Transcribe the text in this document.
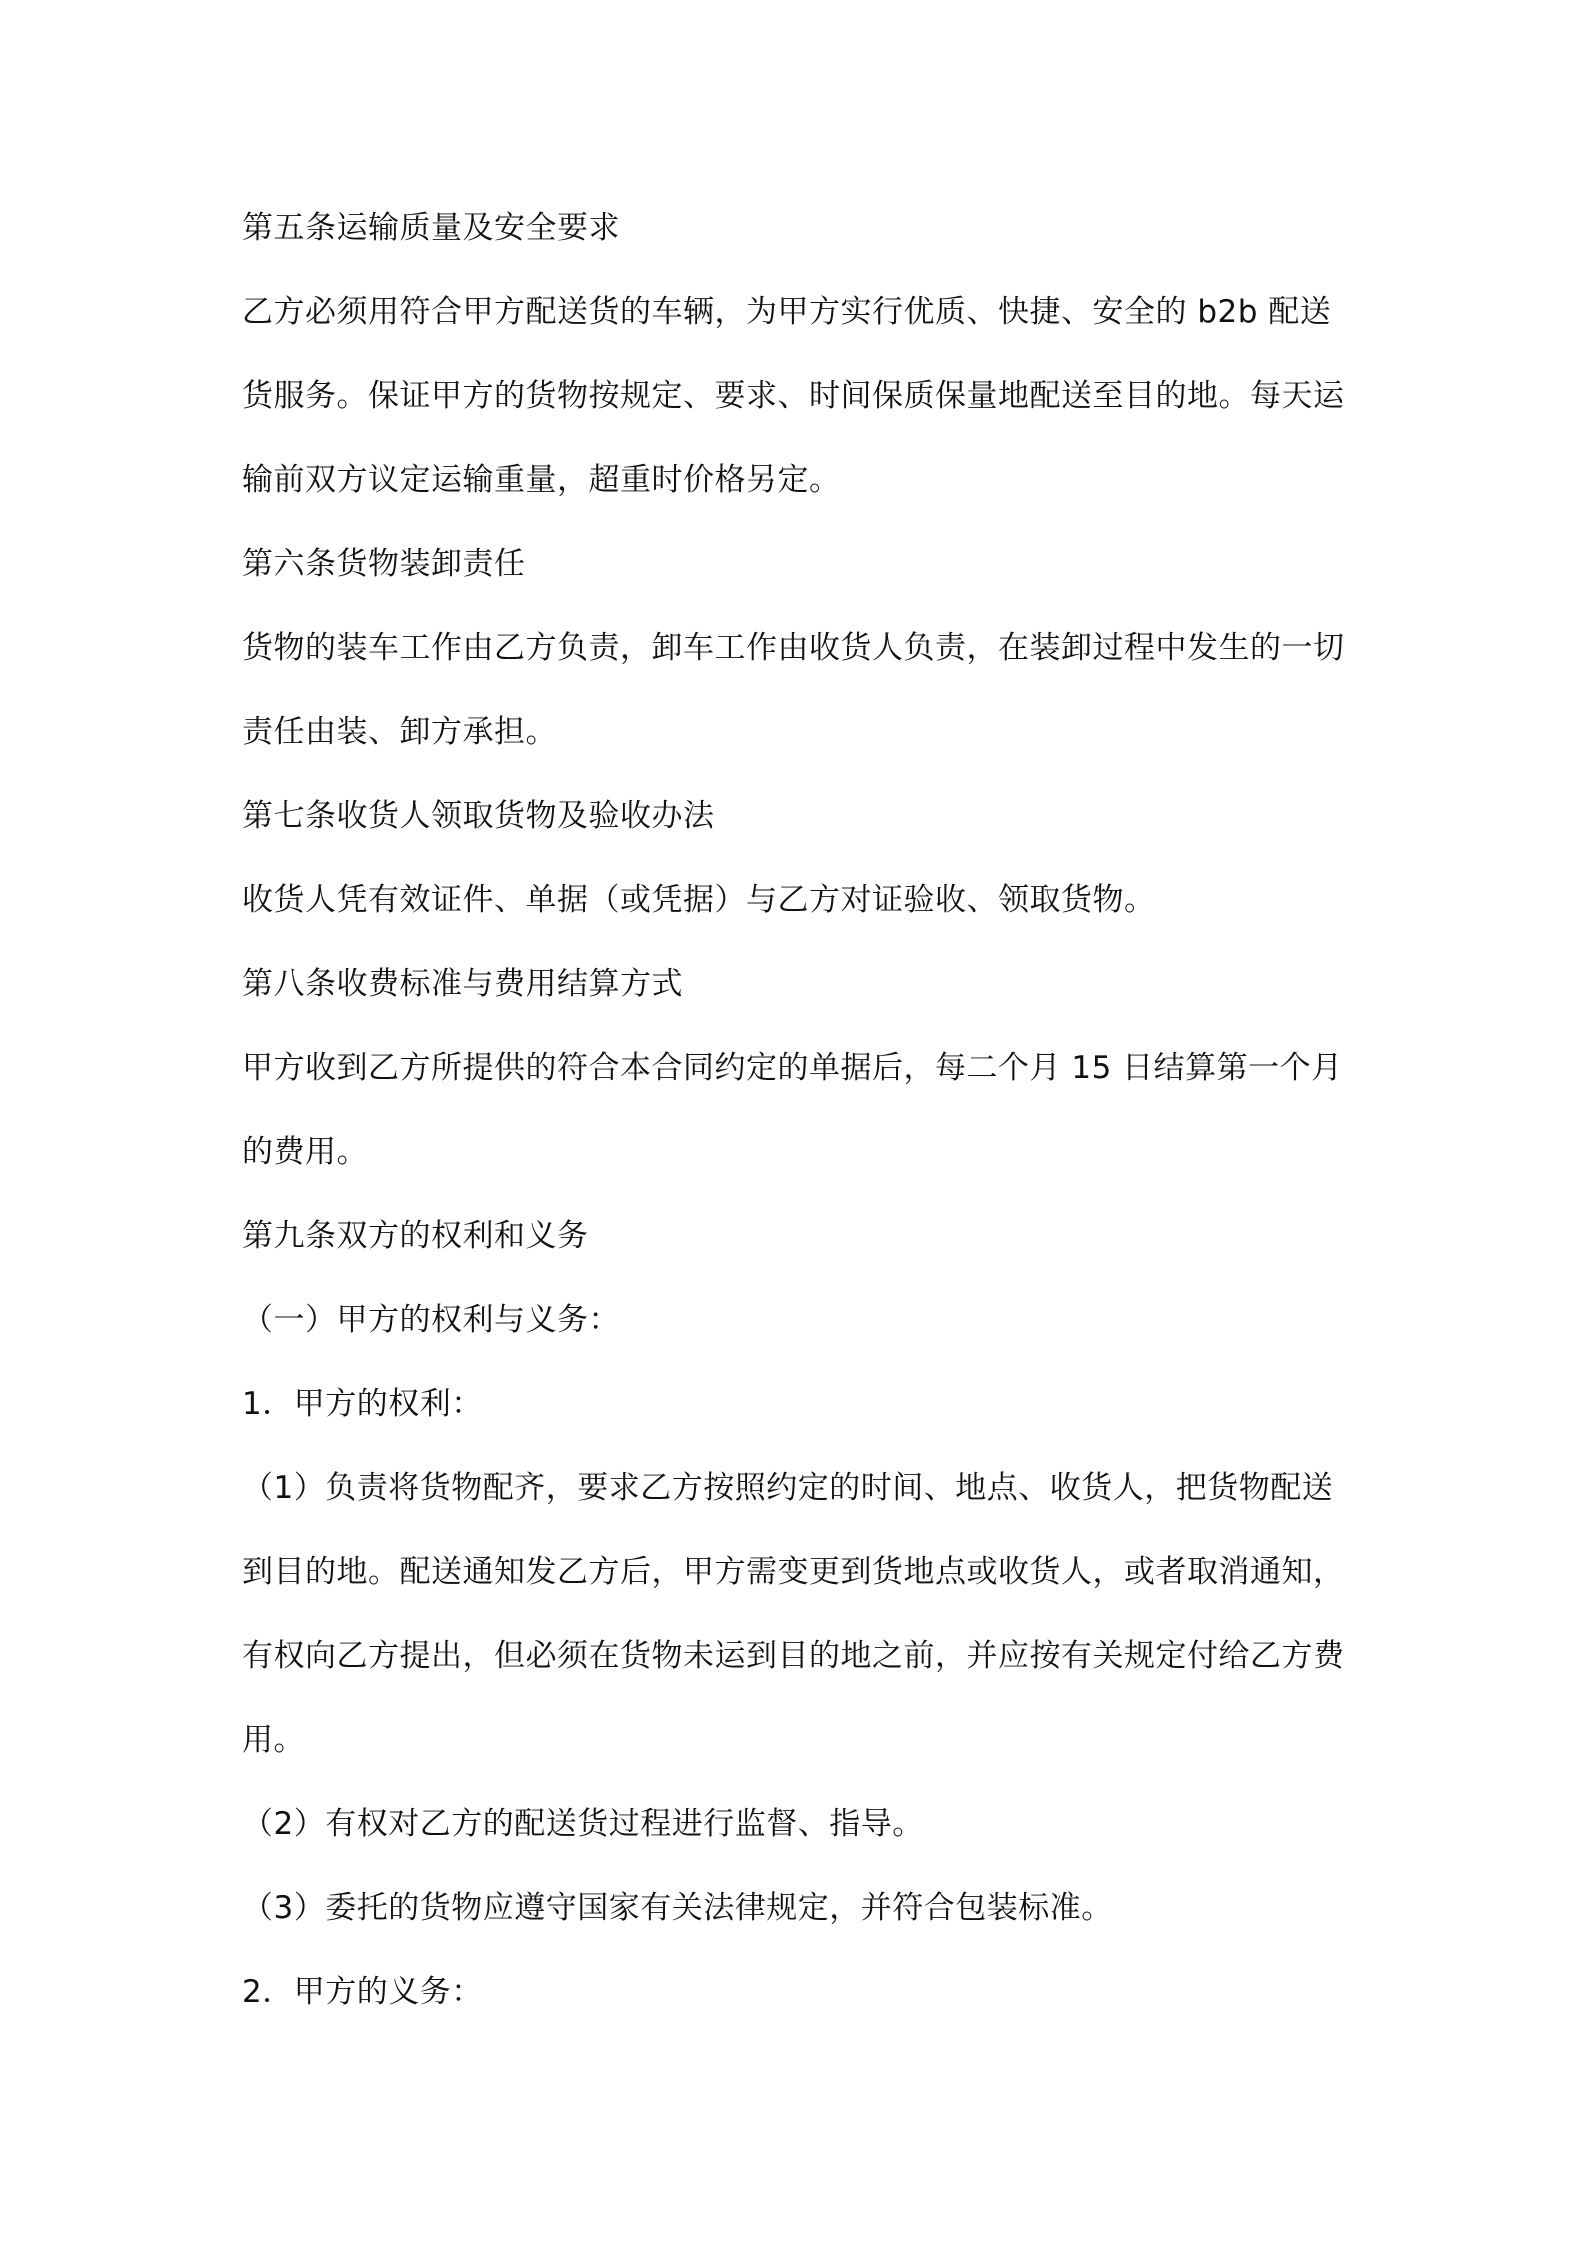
第五条运输质量及安全要求
乙方必须用符合甲方配送货的车辆，为甲方实行优质、快捷、安全的 b2b 配送
货服务。保证甲方的货物按规定、要求、时间保质保量地配送至目的地。每天运
输前双方议定运输重量，超重时价格另定。
第六条货物装卸责任
货物的装车工作由乙方负责，卸车工作由收货人负责，在装卸过程中发生的一切
责任由装、卸方承担。
第七条收货人领取货物及验收办法
收货人凭有效证件、单据（或凭据）与乙方对证验收、领取货物。
第八条收费标准与费用结算方式
甲方收到乙方所提供的符合本合同约定的单据后，每二个月 15 日结算第一个月
的费用。
第九条双方的权利和义务
（一）甲方的权利与义务：
1．甲方的权利：
（1）负责将货物配齐，要求乙方按照约定的时间、地点、收货人，把货物配送
到目的地。配送通知发乙方后，甲方需变更到货地点或收货人，或者取消通知，
有权向乙方提出，但必须在货物未运到目的地之前，并应按有关规定付给乙方费
用。
（2）有权对乙方的配送货过程进行监督、指导。
（3）委托的货物应遵守国家有关法律规定，并符合包装标准。
2．甲方的义务：
